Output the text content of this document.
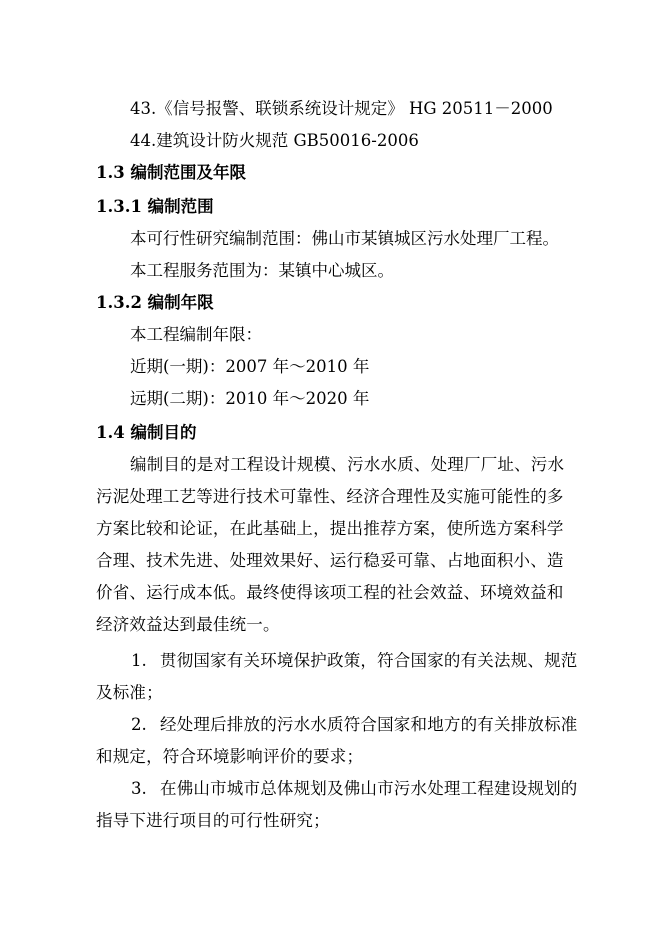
43.《信号报警、联锁系统设计规定》 HG 20511－2000
44.建筑设计防火规范 GB50016-2006
1.3 编制范围及年限
1.3.1 编制范围
本可行性研究编制范围：佛山市某镇城区污水处理厂工程。
本工程服务范围为：某镇中心城区。
1.3.2 编制年限
本工程编制年限：
近期(一期)：2007 年～2010 年
远期(二期)：2010 年～2020 年
1.4 编制目的
编制目的是对工程设计规模、污水水质、处理厂厂址、污水
污泥处理工艺等进行技术可靠性、经济合理性及实施可能性的多
方案比较和论证，在此基础上，提出推荐方案，使所选方案科学
合理、技术先进、处理效果好、运行稳妥可靠、占地面积小、造
价省、运行成本低。最终使得该项工程的社会效益、环境效益和
经济效益达到最佳统一。
1. 贯彻国家有关环境保护政策，符合国家的有关法规、规范
及标准；
2. 经处理后排放的污水水质符合国家和地方的有关排放标准
和规定，符合环境影响评价的要求；
3. 在佛山市城市总体规划及佛山市污水处理工程建设规划的
指导下进行项目的可行性研究；
